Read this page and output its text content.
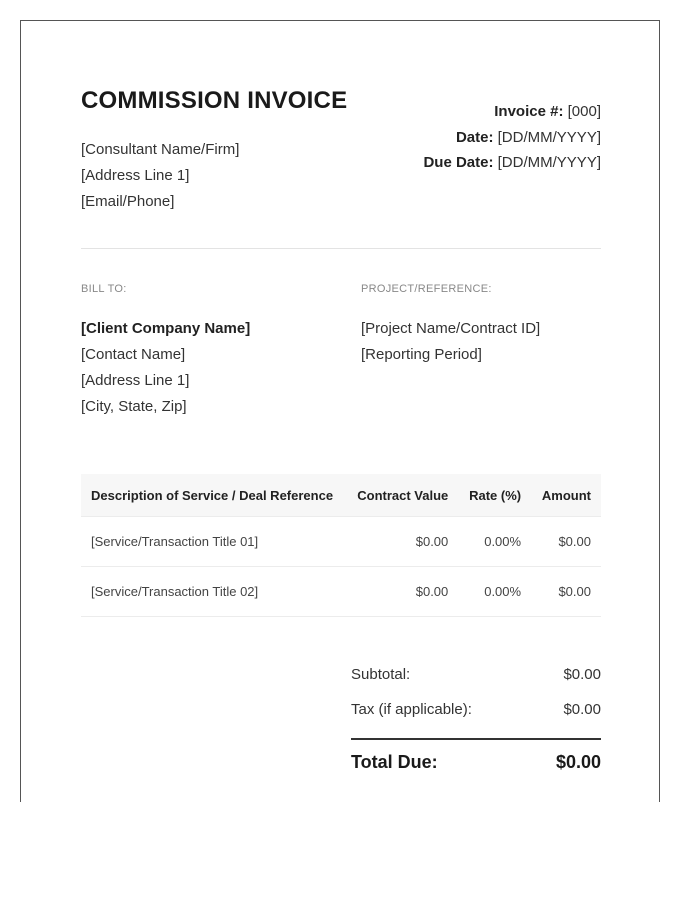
COMMISSION INVOICE
[Consultant Name/Firm]
[Address Line 1]
[Email/Phone]
Invoice #: [000]
Date: [DD/MM/YYYY]
Due Date: [DD/MM/YYYY]
BILL TO:	PROJECT/REFERENCE:
[Client Company Name]
[Contact Name]
[Address Line 1]
[City, State, Zip]
[Project Name/Contract ID]
[Reporting Period]
Description of Service / Deal Reference	Contract Value	Rate (%)	Amount
[Service/Transaction Title 01]	$0.00	0.00%	$0.00
[Service/Transaction Title 02]	$0.00	0.00%	$0.00
Subtotal:	$0.00
Tax (if applicable):	$0.00
Total Due:	$0.00
